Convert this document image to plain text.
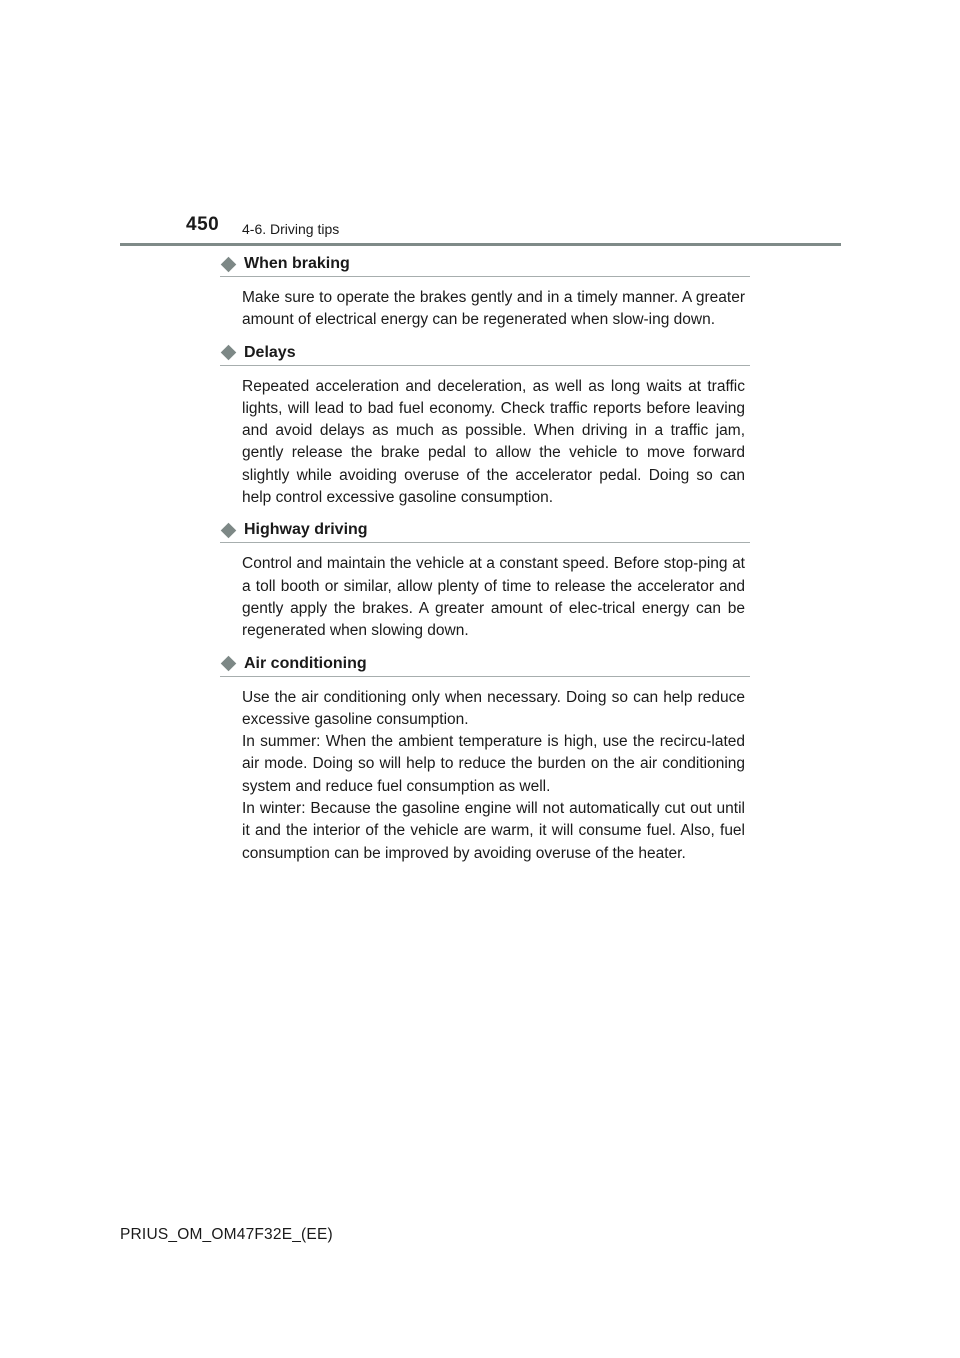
450 4-6. Driving tips
When braking

Make sure to operate the brakes gently and in a timely manner. A greater amount of electrical energy can be regenerated when slow-ing down.

Delays

Repeated acceleration and deceleration, as well as long waits at traffic lights, will lead to bad fuel economy. Check traffic reports before leaving and avoid delays as much as possible. When driving in a traffic jam, gently release the brake pedal to allow the vehicle to move forward slightly while avoiding overuse of the accelerator pedal. Doing so can help control excessive gasoline consumption.

Highway driving

Control and maintain the vehicle at a constant speed. Before stop-ping at a toll booth or similar, allow plenty of time to release the accelerator and gently apply the brakes. A greater amount of elec-trical energy can be regenerated when slowing down.

Air conditioning

Use the air conditioning only when necessary. Doing so can help reduce excessive gasoline consumption.

In summer: When the ambient temperature is high, use the recircu-lated air mode. Doing so will help to reduce the burden on the air conditioning system and reduce fuel consumption as well.

In winter: Because the gasoline engine will not automatically cut out until it and the interior of the vehicle are warm, it will consume fuel. Also, fuel consumption can be improved by avoiding overuse of the heater.

PRIUS_OM_OM47F32E_(EE)
